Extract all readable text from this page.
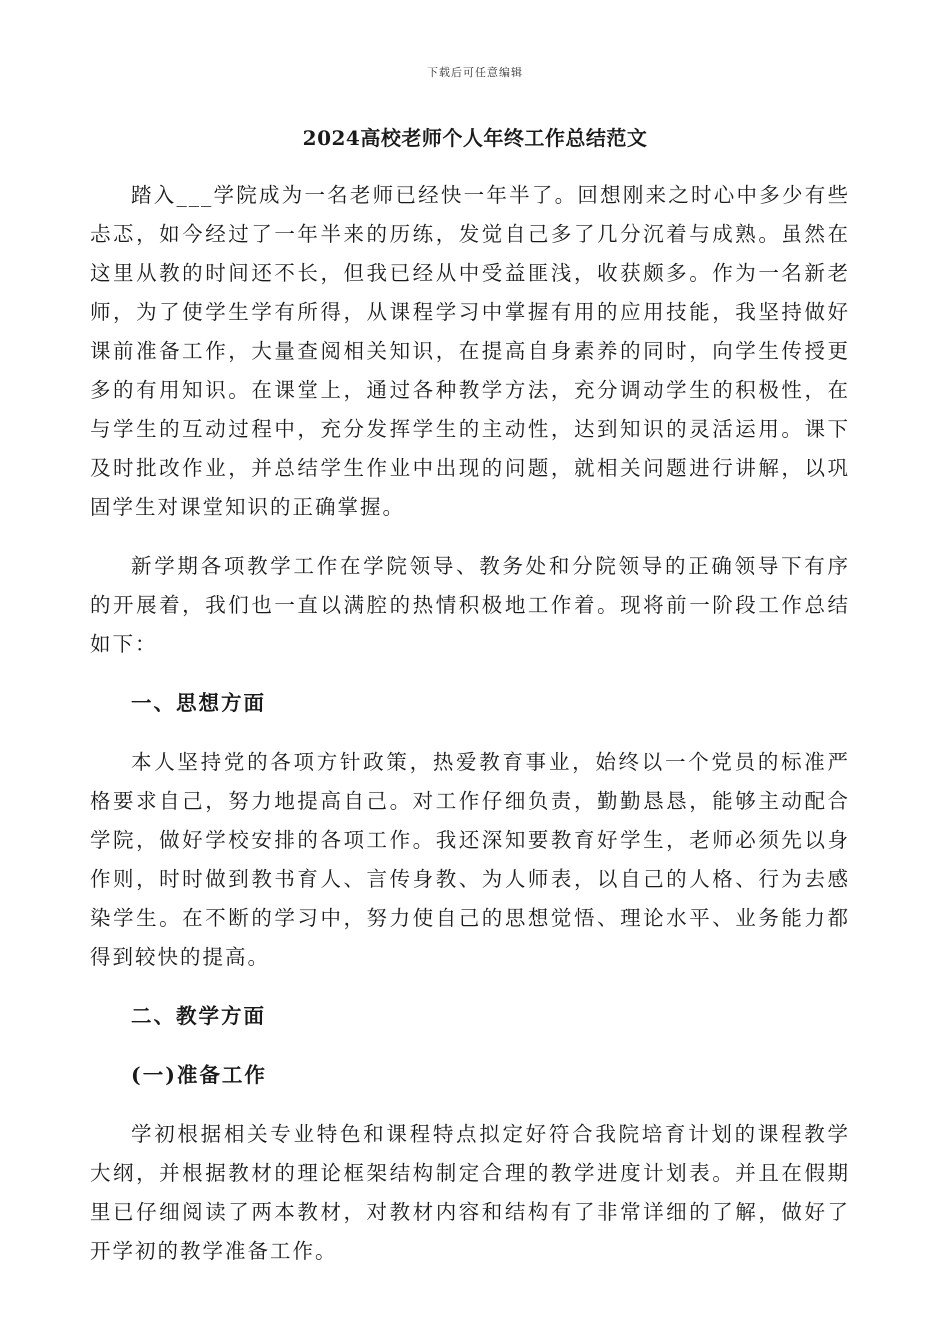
下载后可任意编辑
2024高校老师个人年终工作总结范文

踏入___学院成为一名老师已经快一年半了。回想刚来之时心中多少有些忐忑，如今经过了一年半来的历练，发觉自己多了几分沉着与成熟。虽然在这里从教的时间还不长，但我已经从中受益匪浅，收获颇多。作为一名新老师，为了使学生学有所得，从课程学习中掌握有用的应用技能，我坚持做好课前准备工作，大量查阅相关知识，在提高自身素养的同时，向学生传授更多的有用知识。在课堂上，通过各种教学方法，充分调动学生的积极性，在与学生的互动过程中，充分发挥学生的主动性，达到知识的灵活运用。课下及时批改作业，并总结学生作业中出现的问题，就相关问题进行讲解，以巩固学生对课堂知识的正确掌握。

新学期各项教学工作在学院领导、教务处和分院领导的正确领导下有序的开展着，我们也一直以满腔的热情积极地工作着。现将前一阶段工作总结如下：

一、思想方面

本人坚持党的各项方针政策，热爱教育事业，始终以一个党员的标准严格要求自己，努力地提高自己。对工作仔细负责，勤勤恳恳，能够主动配合学院，做好学校安排的各项工作。我还深知要教育好学生，老师必须先以身作则，时时做到教书育人、言传身教、为人师表，以自己的人格、行为去感染学生。在不断的学习中，努力使自己的思想觉悟、理论水平、业务能力都得到较快的提高。

二、教学方面

(一)准备工作

学初根据相关专业特色和课程特点拟定好符合我院培育计划的课程教学大纲，并根据教材的理论框架结构制定合理的教学进度计划表。并且在假期里已仔细阅读了两本教材，对教材内容和结构有了非常详细的了解，做好了开学初的教学准备工作。
